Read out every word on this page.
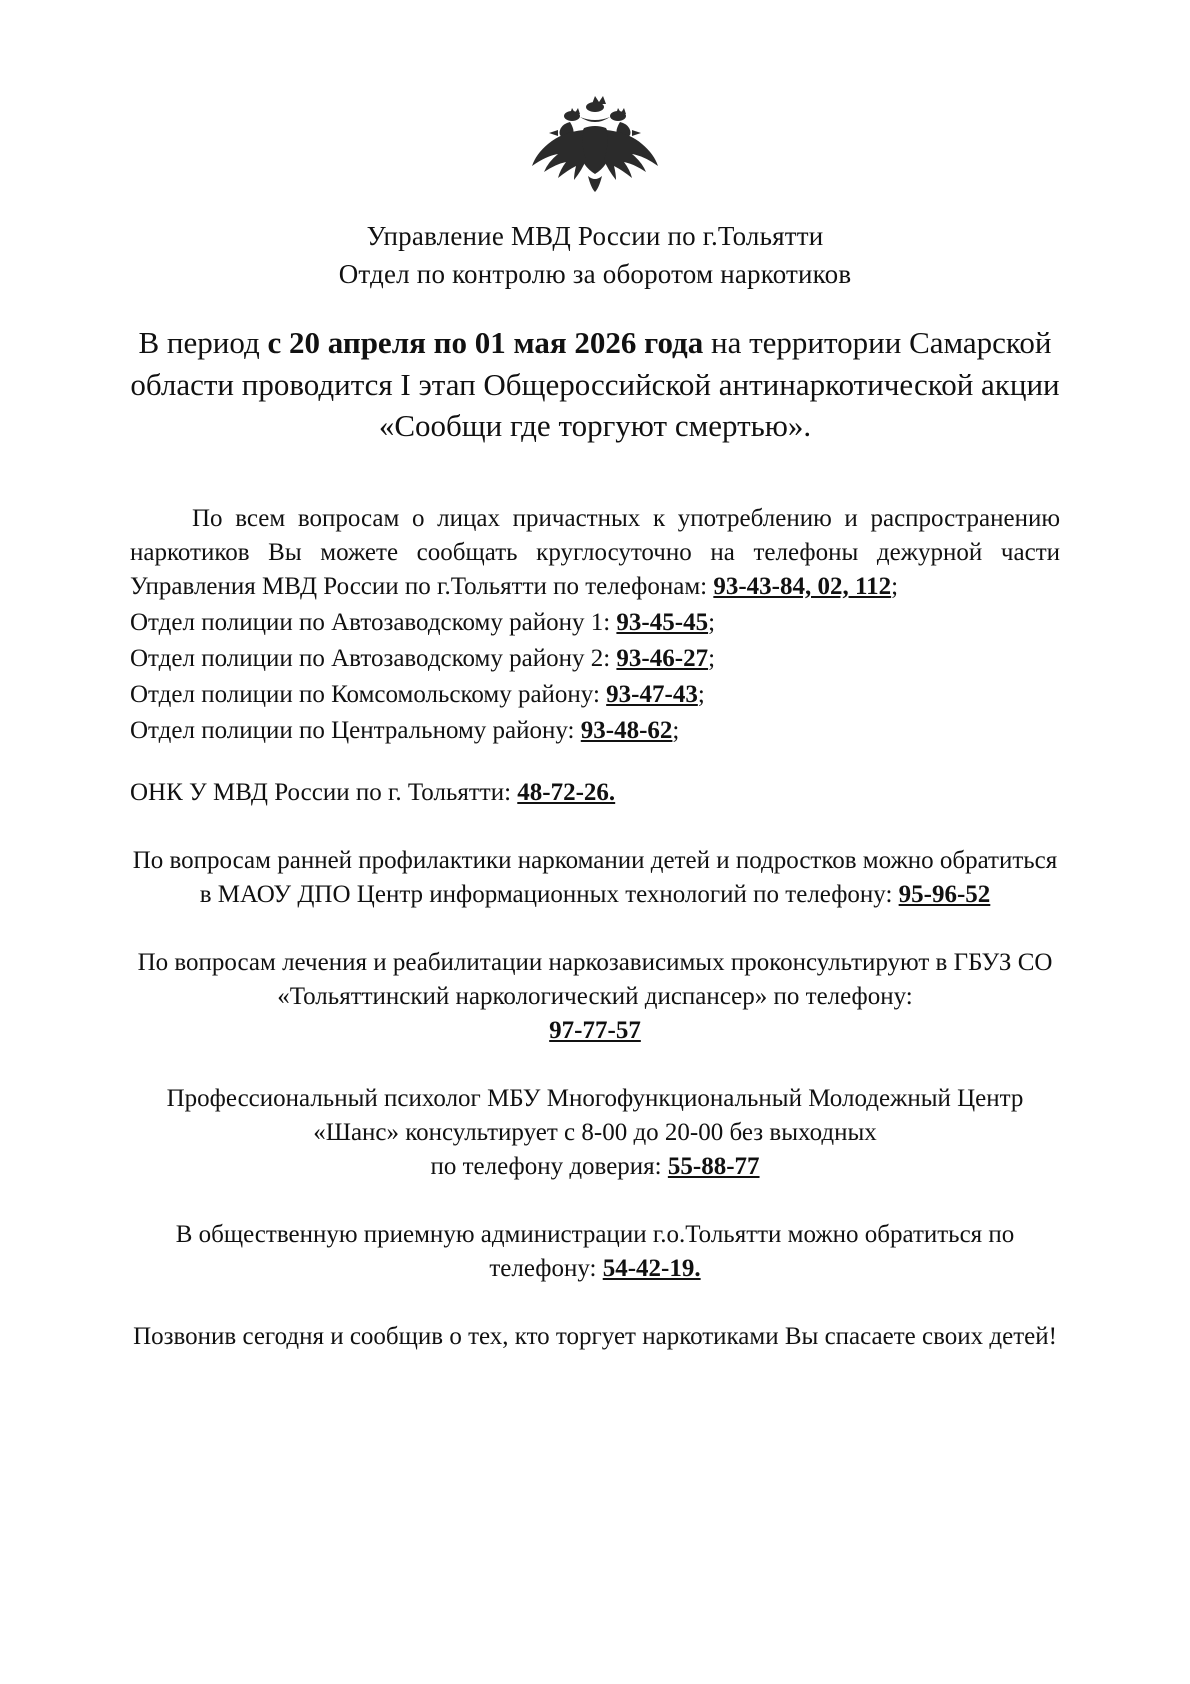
Управление МВД России по г.Тольятти
Отдел по контролю за оборотом наркотиков
В период с 20 апреля по 01 мая 2026 года на территории Самарской области проводится I этап Общероссийской антинаркотической акции «Сообщи где торгуют смертью».
По всем вопросам о лицах причастных к употреблению и распространению наркотиков Вы можете сообщать круглосуточно на телефоны дежурной части Управления МВД России по г.Тольятти по телефонам: 93-43-84, 02, 112;
Отдел полиции по Автозаводскому району 1: 93-45-45;
Отдел полиции по Автозаводскому району 2: 93-46-27;
Отдел полиции по Комсомольскому району: 93-47-43;
Отдел полиции по Центральному району: 93-48-62;
ОНК У МВД России по г. Тольятти: 48-72-26.
По вопросам ранней профилактики наркомании детей и подростков можно обратиться в МАОУ ДПО Центр информационных технологий по телефону: 95-96-52
По вопросам лечения и реабилитации наркозависимых проконсультируют в ГБУЗ СО «Тольяттинский наркологический диспансер» по телефону:
97-77-57
Профессиональный психолог МБУ Многофункциональный Молодежный Центр «Шанс» консультирует с 8-00 до 20-00 без выходных
по телефону доверия: 55-88-77
В общественную приемную администрации г.о.Тольятти можно обратиться по телефону: 54-42-19.
Позвонив сегодня и сообщив о тех, кто торгует наркотиками Вы спасаете своих детей!
